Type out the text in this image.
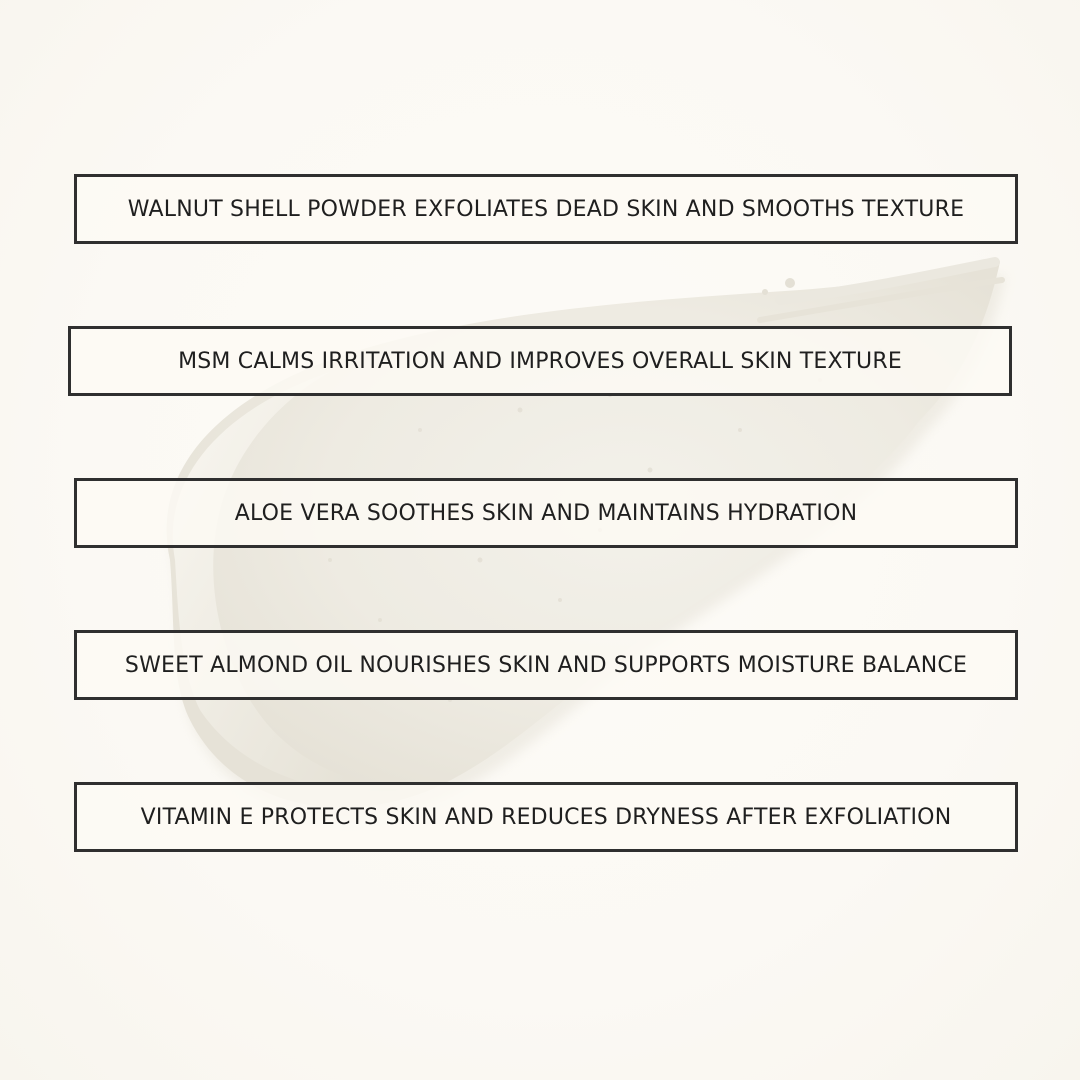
WALNUT SHELL POWDER EXFOLIATES DEAD SKIN AND SMOOTHS TEXTURE
MSM CALMS IRRITATION AND IMPROVES OVERALL SKIN TEXTURE
ALOE VERA SOOTHES SKIN AND MAINTAINS HYDRATION
SWEET ALMOND OIL NOURISHES SKIN AND SUPPORTS MOISTURE BALANCE
VITAMIN E PROTECTS SKIN AND REDUCES DRYNESS AFTER EXFOLIATION
